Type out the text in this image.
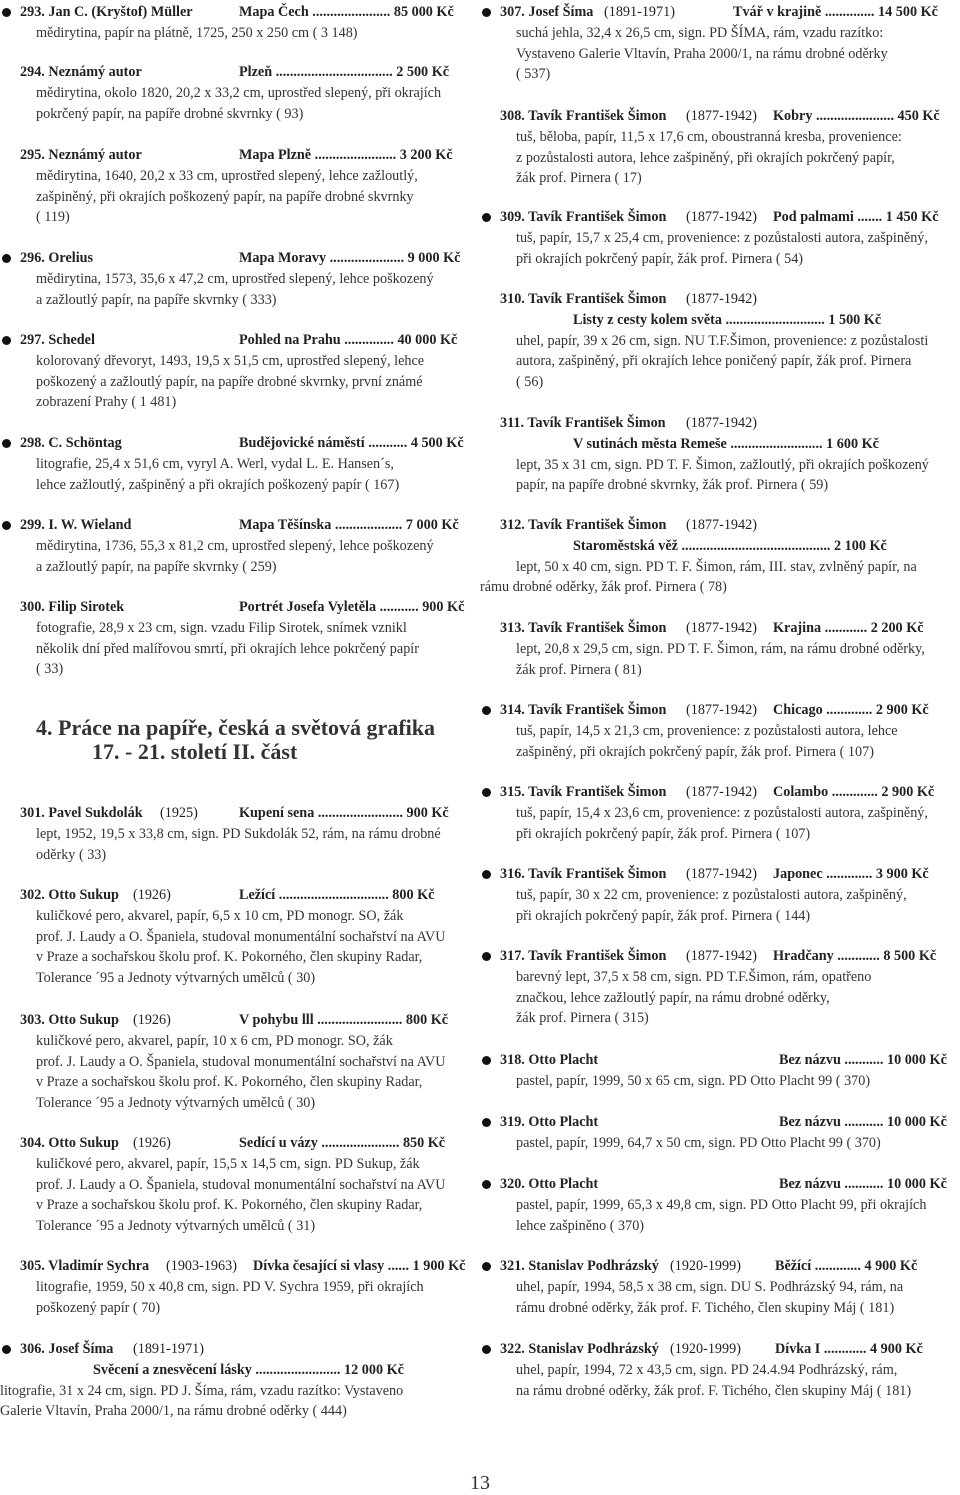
293. Jan C. (Kryštof) Müller	Mapa Čech ...................... 85 000 Kč
mědirytina, papír na plátně, 1725, 250 x 250 cm ( 3 148)
294. Neznámý autor	Plzeň ................................. 2 500 Kč
mědirytina, okolo 1820, 20,2 x 33,2 cm, uprostřed slepený, při okrajích
pokrčený papír, na papíře drobné skvrnky ( 93)
295. Neznámý autor	Mapa Plzně ....................... 3 200 Kč
mědirytina, 1640, 20,2 x 33 cm, uprostřed slepený, lehce zažloutlý,
zašpiněný, při okrajích poškozený papír, na papíře drobné skvrnky
( 119)
296. Orelius	Mapa Moravy ..................... 9 000 Kč
mědirytina, 1573, 35,6 x 47,2 cm, uprostřed slepený, lehce poškozený
a zažloutlý papír, na papíře skvrnky ( 333)
297. Schedel	Pohled na Prahu .............. 40 000 Kč
kolorovaný dřevoryt, 1493, 19,5 x 51,5 cm, uprostřed slepený, lehce
poškozený a zažloutlý papír, na papíře drobné skvrnky, první známé
zobrazení Prahy ( 1 481)
298. C. Schöntag	Budějovické náměstí ........... 4 500 Kč
litografie, 25,4 x 51,6 cm, vyryl A. Werl, vydal L. E. Hansen´s,
lehce zažloutlý, zašpiněný a při okrajích poškozený papír ( 167)
299. I. W. Wieland	Mapa Těšínska ................... 7 000 Kč
mědirytina, 1736, 55,3 x 81,2 cm, uprostřed slepený, lehce poškozený
a zažloutlý papír, na papíře skvrnky ( 259)
300. Filip Sirotek	Portrét Josefa Vyletěla ........... 900 Kč
fotografie, 28,9 x 23 cm, sign. vzadu Filip Sirotek, snímek vznikl
několik dní před malířovou smrtí, při okrajích lehce pokrčený papír
( 33)
301. Pavel Sukdolák (1925)	Kupení sena ........................ 900 Kč
lept, 1952, 19,5 x 33,8 cm, sign. PD Sukdolák 52, rám, na rámu drobné
oděrky ( 33)
302. Otto Sukup (1926)	Ležící ............................... 800 Kč
kuličkové pero, akvarel, papír, 6,5 x 10 cm, PD monogr. SO, žák
prof. J. Laudy a O. Španiela, studoval monumentální sochařství na AVU
v Praze a sochařskou školu prof. K. Pokorného, člen skupiny Radar,
Tolerance ´95 a Jednoty výtvarných umělců ( 30)
303. Otto Sukup (1926)	V pohybu lll ........................ 800 Kč
kuličkové pero, akvarel, papír, 10 x 6 cm, PD monogr. SO, žák
prof. J. Laudy a O. Španiela, studoval monumentální sochařství na AVU
v Praze a sochařskou školu prof. K. Pokorného, člen skupiny Radar,
Tolerance ´95 a Jednoty výtvarných umělců ( 30)
304. Otto Sukup (1926)	Sedící u vázy ...................... 850 Kč
kuličkové pero, akvarel, papír, 15,5 x 14,5 cm, sign. PD Sukup, žák
prof. J. Laudy a O. Španiela, studoval monumentální sochařství na AVU
v Praze a sochařskou školu prof. K. Pokorného, člen skupiny Radar,
Tolerance ´95 a Jednoty výtvarných umělců ( 31)
305. Vladimír Sychra (1903-1963) Dívka česající si vlasy ...... 1 900 Kč
litografie, 1959, 50 x 40,8 cm, sign. PD V. Sychra 1959, při okrajích
poškozený papír ( 70)
306. Josef Šíma (1891-1971)
Svěcení a znesvěcení lásky ........................ 12 000 Kč
litografie, 31 x 24 cm, sign. PD J. Šíma, rám, vzadu razítko: Vystaveno
Galerie Vltavín, Praha 2000/1, na rámu drobné oděrky ( 444)
307. Josef Šíma (1891-1971)	Tvář v krajině .............. 14 500 Kč
suchá jehla, 32,4 x 26,5 cm, sign. PD ŠÍMA, rám, vzadu razítko:
Vystaveno Galerie Vltavín, Praha 2000/1, na rámu drobné oděrky
( 537)
308. Tavík František Šimon (1877-1942) Kobry ...................... 450 Kč
tuš, běloba, papír, 11,5 x 17,6 cm, oboustranná kresba, provenience:
z pozůstalosti autora, lehce zašpiněný, při okrajích pokrčený papír,
žák prof. Pirnera ( 17)
309. Tavík František Šimon (1877-1942) Pod palmami ....... 1 450 Kč
tuš, papír, 15,7 x 25,4 cm, provenience: z pozůstalosti autora, zašpiněný,
při okrajích pokrčený papír, žák prof. Pirnera ( 54)
310. Tavík František Šimon (1877-1942)
Listy z cesty kolem světa ............................ 1 500 Kč
uhel, papír, 39 x 26 cm, sign. NU T.F.Šimon, provenience: z pozůstalosti
autora, zašpiněný, při okrajích lehce poničený papír, žák prof. Pirnera
( 56)
311. Tavík František Šimon (1877-1942)
V sutinách města Remeše .......................... 1 600 Kč
lept, 35 x 31 cm, sign. PD T. F. Šimon, zažloutlý, při okrajích poškozený
papír, na papíře drobné skvrnky, žák prof. Pirnera ( 59)
312. Tavík František Šimon (1877-1942)
Staroměstská věž .......................................... 2 100 Kč
lept, 50 x 40 cm, sign. PD T. F. Šimon, rám, III. stav, zvlněný papír, na
rámu drobné oděrky, žák prof. Pirnera ( 78)
313. Tavík František Šimon (1877-1942) Krajina ............ 2 200 Kč
lept, 20,8 x 29,5 cm, sign. PD T. F. Šimon, rám, na rámu drobné oděrky,
žák prof. Pirnera ( 81)
314. Tavík František Šimon (1877-1942) Chicago ............. 2 900 Kč
tuš, papír, 14,5 x 21,3 cm, provenience: z pozůstalosti autora, lehce
zašpiněný, při okrajích pokrčený papír, žák prof. Pirnera ( 107)
315. Tavík František Šimon (1877-1942) Colambo ............. 2 900 Kč
tuš, papír, 15,4 x 23,6 cm, provenience: z pozůstalosti autora, zašpiněný,
při okrajích pokrčený papír, žák prof. Pirnera ( 107)
316. Tavík František Šimon (1877-1942) Japonec ............. 3 900 Kč
tuš, papír, 30 x 22 cm, provenience: z pozůstalosti autora, zašpiněný,
při okrajích pokrčený papír, žák prof. Pirnera ( 144)
317. Tavík František Šimon (1877-1942) Hradčany ............ 8 500 Kč
barevný lept, 37,5 x 58 cm, sign. PD T.F.Šimon, rám, opatřeno
značkou, lehce zažloutlý papír, na rámu drobné oděrky,
žák prof. Pirnera ( 315)
318. Otto Placht	Bez názvu ........... 10 000 Kč
pastel, papír, 1999, 50 x 65 cm, sign. PD Otto Placht 99 ( 370)
319. Otto Placht	Bez názvu ........... 10 000 Kč
pastel, papír, 1999, 64,7 x 50 cm, sign. PD Otto Placht 99 ( 370)
320. Otto Placht	Bez názvu ........... 10 000 Kč
pastel, papír, 1999, 65,3 x 49,8 cm, sign. PD Otto Placht 99, při okrajích
lehce zašpiněno ( 370)
321. Stanislav Podhrázský (1920-1999) Běžící ............. 4 900 Kč
uhel, papír, 1994, 58,5 x 38 cm, sign. DU S. Podhrázský 94, rám, na
rámu drobné oděrky, žák prof. F. Tichého, člen skupiny Máj ( 181)
322. Stanislav Podhrázský (1920-1999) Dívka I ............ 4 900 Kč
uhel, papír, 1994, 72 x 43,5 cm, sign. PD 24.4.94 Podhrázský, rám,
na rámu drobné oděrky, žák prof. F. Tichého, člen skupiny Máj ( 181)
4. Práce na papíře, česká a světová grafika
17. - 21. století II. část
13
